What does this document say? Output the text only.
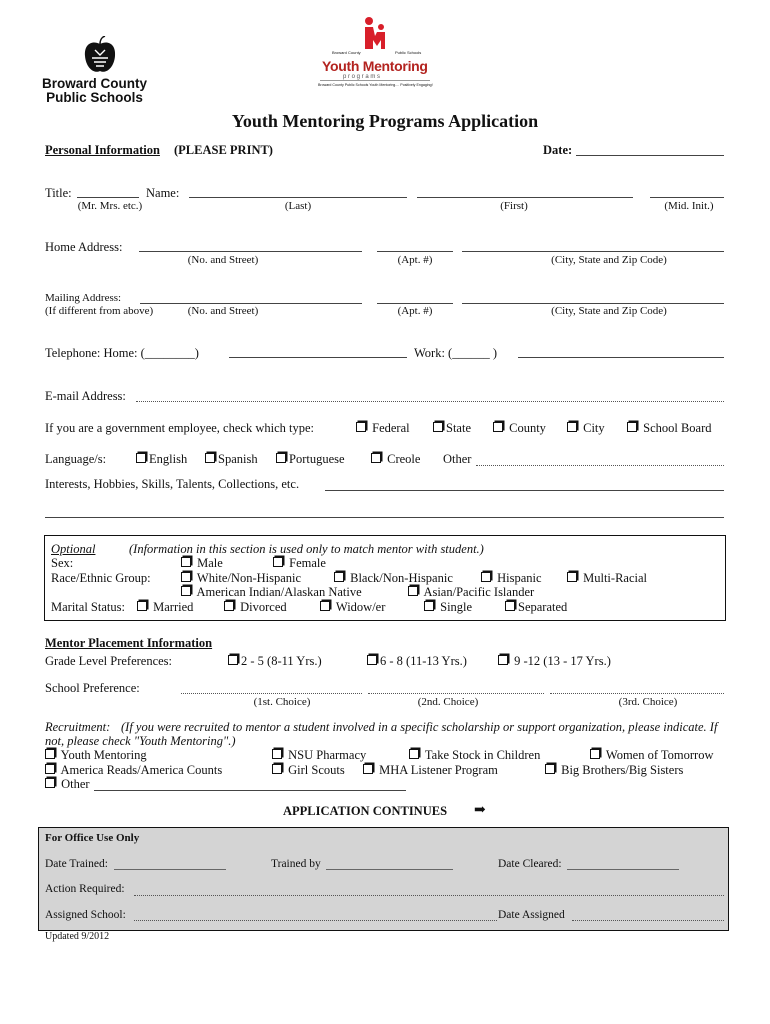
Broward County
Public Schools
Broward County	Public Schools
Youth Mentoring
p r o g r a m s
Broward County Public Schools Youth Mentoring.... Positively Engaging!
Youth Mentoring Programs Application
Personal Information (PLEASE PRINT)	Date:
Title:	Name:
(Mr. Mrs. etc.)	(Last)	(First)	(Mid. Init.)
Home Address:
(No. and Street)	(Apt. #)	(City, State and Zip Code)
Mailing Address:
(If different from above)	(No. and Street)	(Apt. #)	(City, State and Zip Code)
Telephone: Home: (________)	Work: (______ )
E-mail Address:
If you are a government employee, check which type:	Federal	State	County	City	School Board
Language/s:	English	Spanish	Portuguese	Creole Other
Interests, Hobbies, Skills, Talents, Collections, etc.
Optional	(Information in this section is used only to match mentor with student.)
Sex:	Male	Female
Race/Ethnic Group:	White/Non-Hispanic	Black/Non-Hispanic	Hispanic	Multi-Racial
American Indian/Alaskan Native	Asian/Pacific Islander
Marital Status:	Married	Divorced	Widow/er	Single	Separated
Mentor Placement Information
Grade Level Preferences:	2 - 5 (8-11 Yrs.)	6 - 8 (11-13 Yrs.)	9 -12 (13 - 17 Yrs.)
School Preference:
(1st. Choice)	(2nd. Choice)	(3rd. Choice)
Recruitment: (If you were recruited to mentor a student involved in a specific scholarship or support organization, please indicate. If
not, please check "Youth Mentoring".)
Youth Mentoring	NSU Pharmacy	Take Stock in Children	Women of Tomorrow
America Reads/America Counts	Girl Scouts	MHA Listener Program	Big Brothers/Big Sisters
Other
APPLICATION CONTINUES ➡
For Office Use Only
Date Trained:	Trained by	Date Cleared:
Action Required:
Assigned School:	Date Assigned
Updated 9/2012
